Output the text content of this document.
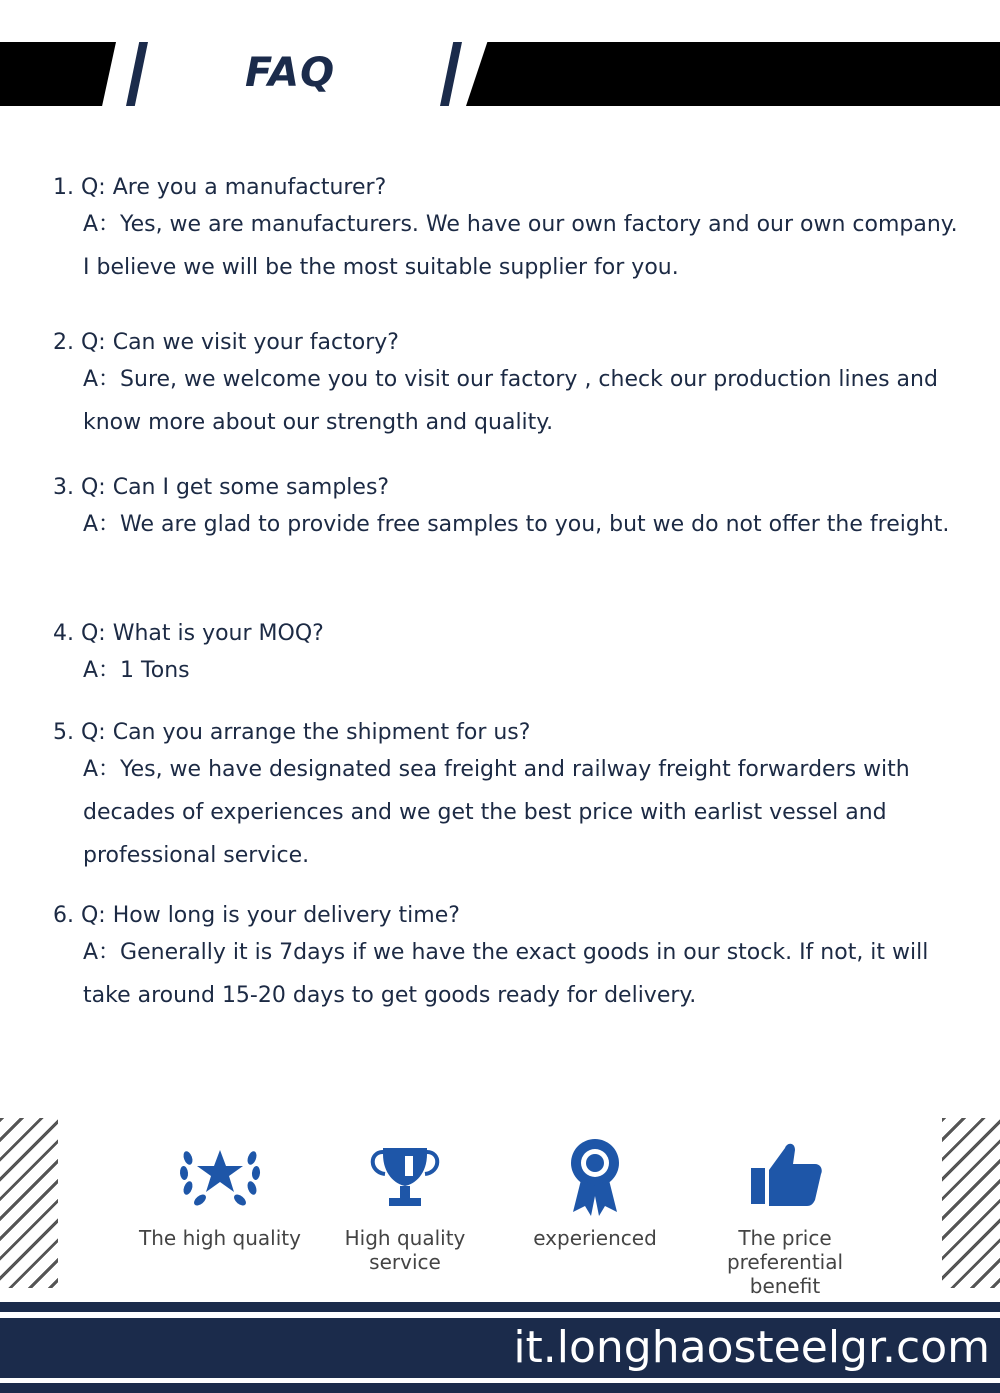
FAQ
1. Q: Are you a manufacturer?
A：Yes, we are manufacturers. We have our own factory and our own company. I believe we will be the most suitable supplier for you.
2. Q: Can we visit your factory?
A：Sure, we welcome you to visit our factory , check our production lines and know more about our strength and quality.
3. Q: Can I get some samples?
A：We are glad to provide free samples to you, but we do not offer the freight.
4. Q: What is your MOQ?
A：1 Tons
5. Q: Can you arrange the shipment for us?
A：Yes, we have designated sea freight and railway freight forwarders with decades of experiences and we get the best price with earlist vessel and professional service.
6. Q: How long is your delivery time?
A：Generally it is 7days if we have the exact goods in our stock. If not, it will take around 15-20 days to get goods ready for delivery.
The high quality	High quality service
experienced	The price preferential benefit
it.longhaosteelgr.com
